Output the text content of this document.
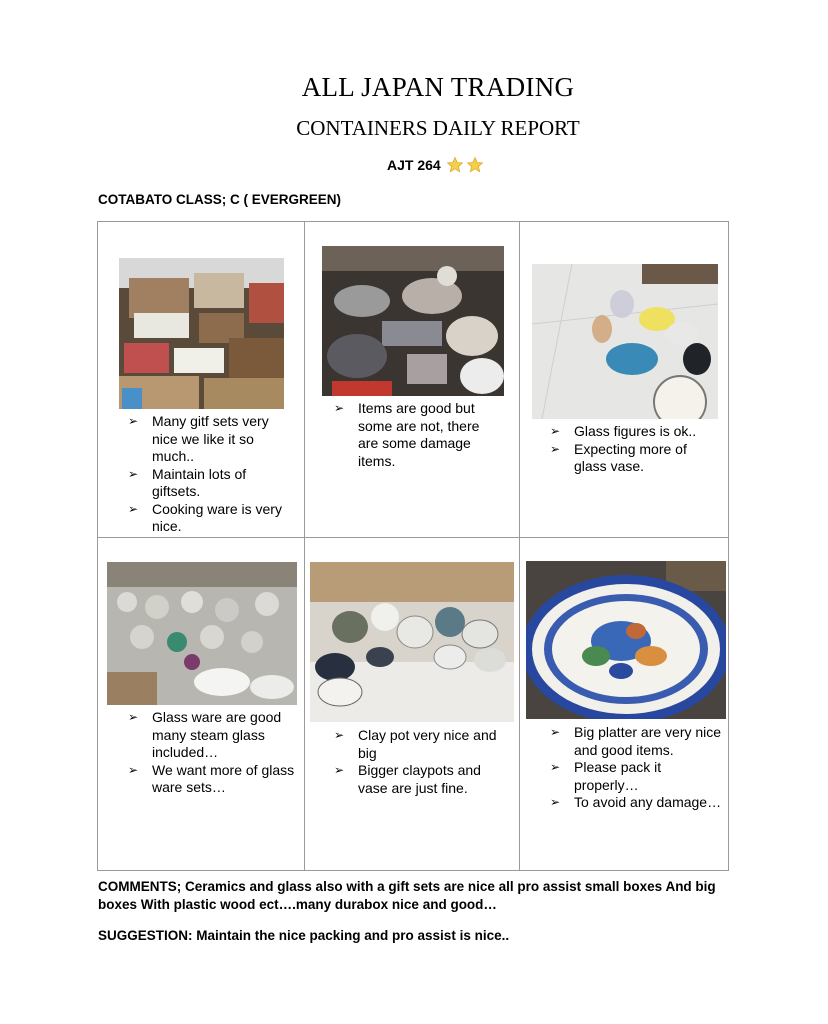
ALL JAPAN TRADING
CONTAINERS DAILY REPORT
AJT 264
COTABATO CLASS; C ( EVERGREEN)
➢ Many gitf sets very nice we like it so much..
➢ Maintain lots of giftsets.
➢ Cooking ware is very nice.
➢ Items are good but some are not, there are some damage items.
➢ Glass figures is ok..
➢ Expecting more of glass vase.
➢ Glass ware are good many steam glass included…
➢ We want more of glass ware sets…
➢ Clay pot very nice and big
➢ Bigger claypots and vase are just fine.
➢ Big platter are very nice and good items.
➢ Please pack it properly…
➢ To avoid any damage…
COMMENTS; Ceramics and glass also with a gift sets are nice all pro assist small boxes And big boxes With plastic wood ect….many durabox nice and good…
SUGGESTION: Maintain the nice packing and pro assist is nice..
